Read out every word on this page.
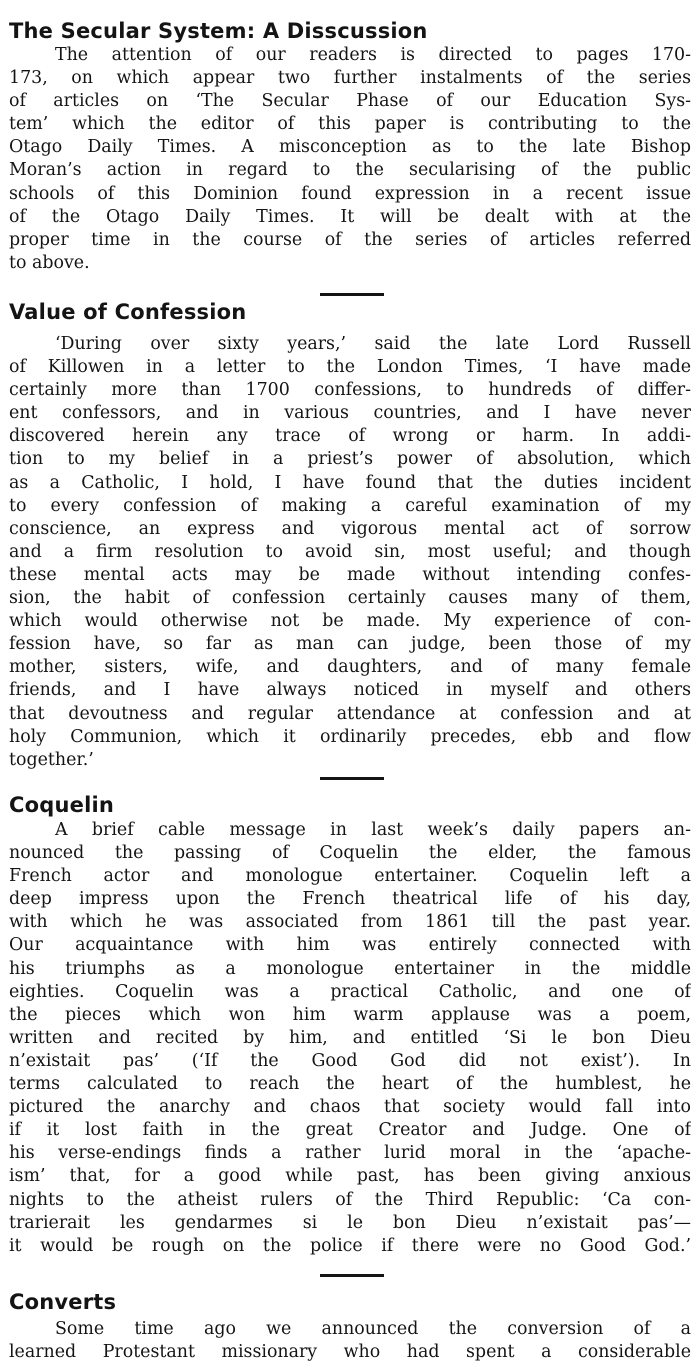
The Secular System: A Disscussion
The attention of our readers is directed to pages 170-
173, on which appear two further instalments of the series
of articles on ‘The Secular Phase of our Education Sys-
tem’ which the editor of this paper is contributing to the
Otago Daily Times. A misconception as to the late Bishop
Moran’s action in regard to the secularising of the public
schools of this Dominion found expression in a recent issue
of the Otago Daily Times. It will be dealt with at the
proper time in the course of the series of articles referred
to above.
Value of Confession
‘During over sixty years,’ said the late Lord Russell
of Killowen in a letter to the London Times, ‘I have made
certainly more than 1700 confessions, to hundreds of differ-
ent confessors, and in various countries, and I have never
discovered herein any trace of wrong or harm. In addi-
tion to my belief in a priest’s power of absolution, which
as a Catholic, I hold, I have found that the duties incident
to every confession of making a careful examination of my
conscience, an express and vigorous mental act of sorrow
and a firm resolution to avoid sin, most useful; and though
these mental acts may be made without intending confes-
sion, the habit of confession certainly causes many of them,
which would otherwise not be made. My experience of con-
fession have, so far as man can judge, been those of my
mother, sisters, wife, and daughters, and of many female
friends, and I have always noticed in myself and others
that devoutness and regular attendance at confession and at
holy Communion, which it ordinarily precedes, ebb and flow
together.’
Coquelin
A brief cable message in last week’s daily papers an-
nounced the passing of Coquelin the elder, the famous
French actor and monologue entertainer. Coquelin left a
deep impress upon the French theatrical life of his day,
with which he was associated from 1861 till the past year.
Our acquaintance with him was entirely connected with
his triumphs as a monologue entertainer in the middle
eighties. Coquelin was a practical Catholic, and one of
the pieces which won him warm applause was a poem,
written and recited by him, and entitled ‘Si le bon Dieu
n’existait pas’ (‘If the Good God did not exist’). In
terms calculated to reach the heart of the humblest, he
pictured the anarchy and chaos that society would fall into
if it lost faith in the great Creator and Judge. One of
his verse-endings finds a rather lurid moral in the ‘apache-
ism’ that, for a good while past, has been giving anxious
nights to the atheist rulers of the Third Republic: ‘Ca con-
trarierait les gendarmes si le bon Dieu n’existait pas’—
it would be rough on the police if there were no Good God.’
Converts
Some time ago we announced the conversion of a
learned Protestant missionary who had spent a considerable
